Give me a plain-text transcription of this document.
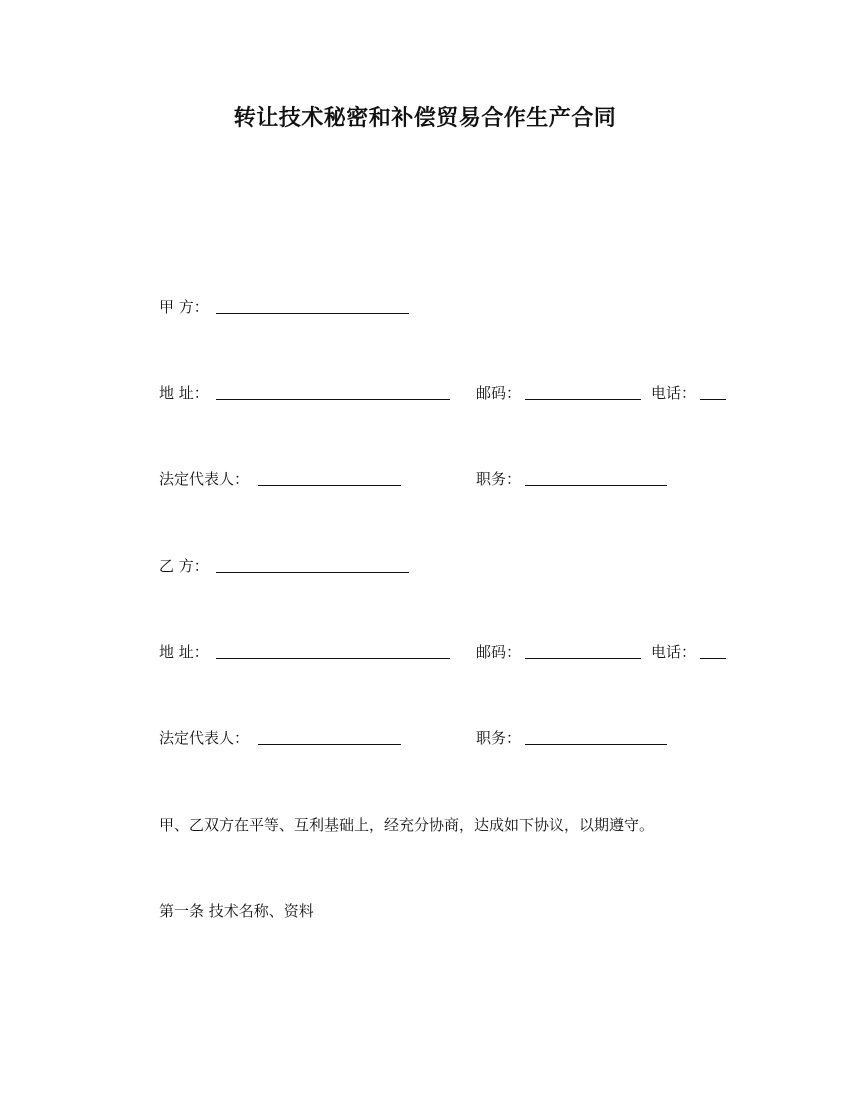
转让技术秘密和补偿贸易合作生产合同
甲 方：
地 址：	邮码：	电话：
法定代表人：	职务：
乙 方：
地 址：	邮码：	电话：
法定代表人：	职务：
甲、乙双方在平等、互利基础上，经充分协商，达成如下协议，以期遵守。
第一条 技术名称、资料
